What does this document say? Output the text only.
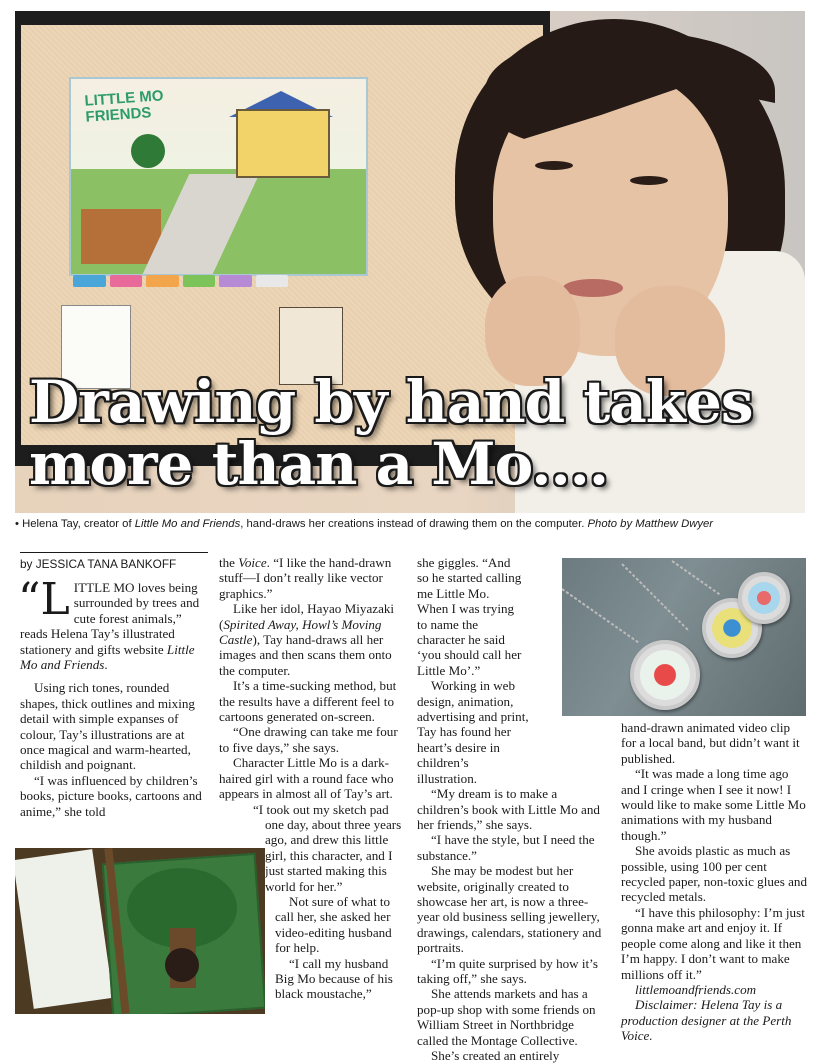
LITTLE MO
FRIENDS
Drawing by hand takes
more than a Mo....
• Helena Tay, creator of Little Mo and Friends, hand-draws her creations instead of drawing them on the computer. Photo by Matthew Dwyer
by JESSICA TANA BANKOFF

“LITTLE MO loves being surrounded by trees and cute forest animals,” reads Helena Tay’s illustrated stationery and gifts website Little Mo and Friends.

Using rich tones, rounded shapes, thick outlines and mixing detail with simple expanses of colour, Tay’s illustrations are at once magical and warm-hearted, childish and poignant.

“I was influenced by children’s books, picture books, cartoons and anime,” she told

the Voice. “I like the hand-drawn stuff—I don’t really like vector graphics.”

Like her idol, Hayao Miyazaki (Spirited Away, Howl’s Moving Castle), Tay hand-draws all her images and then scans them onto the computer.

It’s a time-sucking method, but the results have a different feel to cartoons generated on-screen.

“One drawing can take me four to five days,” she says.

Character Little Mo is a dark-haired girl with a round face who appears in almost all of Tay’s art.

“I took out my sketch pad one day, about three years ago, and drew this little girl, this character, and I just started making this world for her.”

Not sure of what to call her, she asked her video-editing husband for help.

“I call my husband Big Mo because of his black moustache,”

she giggles. “And so he started calling me Little Mo. When I was trying to name the character he said ‘you should call her Little Mo’.”

Working in web design, animation, advertising and print, Tay has found her heart’s desire in children’s illustration.

“My dream is to make a children’s book with Little Mo and her friends,” she says.

“I have the style, but I need the substance.”

She may be modest but her website, originally created to showcase her art, is now a three-year old business selling jewellery, drawings, calendars, stationery and portraits.

“I’m quite surprised by how it’s taking off,” she says.

She attends markets and has a pop-up shop with some friends on William Street in Northbridge called the Montage Collective.

She’s created an entirely

hand-drawn animated video clip for a local band, but didn’t want it published.

“It was made a long time ago and I cringe when I see it now! I would like to make some Little Mo animations with my husband though.”

She avoids plastic as much as possible, using 100 per cent recycled paper, non-toxic glues and recycled metals.

“I have this philosophy: I’m just gonna make art and enjoy it. If people come along and like it then I’m happy. I don’t want to make millions off it.”

littlemoandfriends.com

Disclaimer: Helena Tay is a production designer at the Perth Voice.
